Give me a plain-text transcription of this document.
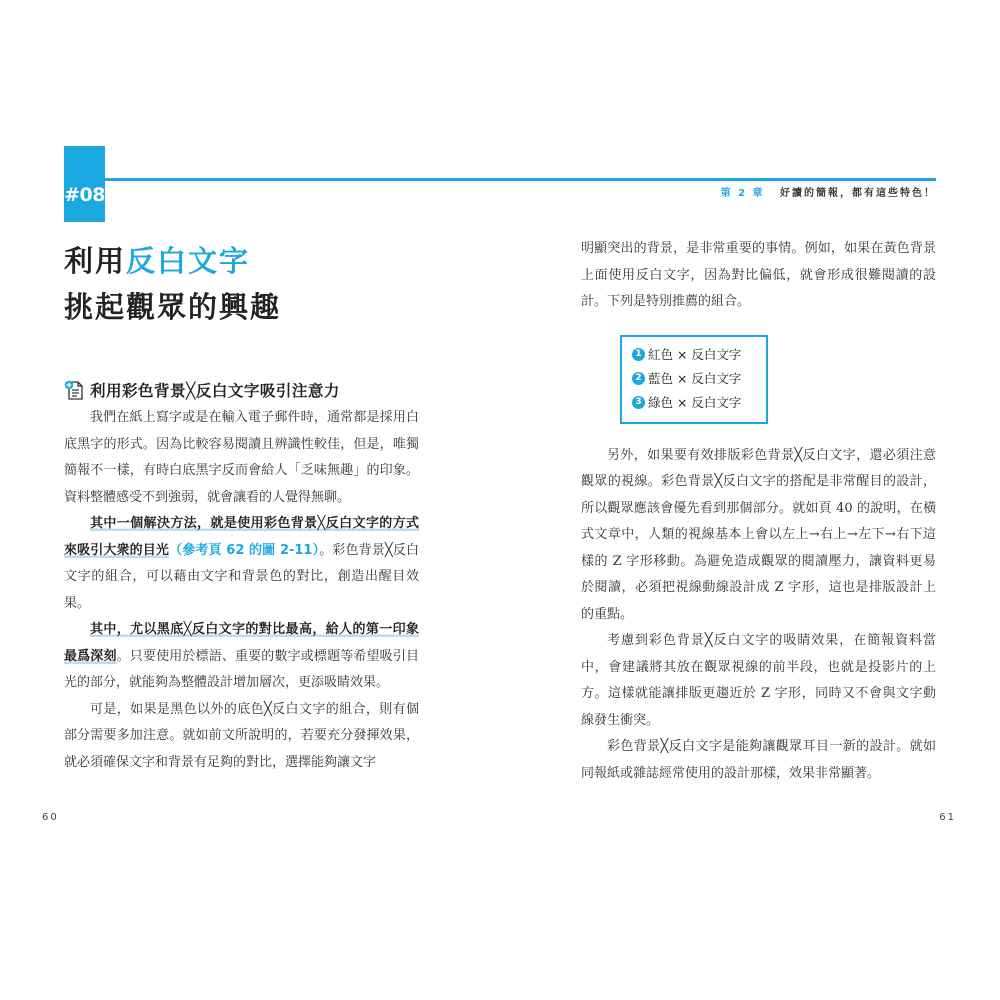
#08	第 2 章 好讀的簡報，都有這些特色！
利用反白文字
挑起觀眾的興趣
利用彩色背景╳反白文字吸引注意力

我們在紙上寫字或是在輸入電子郵件時，通常都是採用白底黑字的形式。因為比較容易閱讀且辨識性較佳，但是，唯獨簡報不一樣，有時白底黑字反而會給人「乏味無趣」的印象。資料整體感受不到強弱，就會讓看的人覺得無聊。

其中一個解決方法，就是使用彩色背景╳反白文字的方式來吸引大衆的目光（參考頁 62 的圖 2-11）。彩色背景╳反白文字的組合，可以藉由文字和背景色的對比，創造出醒目效果。

其中，尤以黑底╳反白文字的對比最高，給人的第一印象最爲深刻。只要使用於標語、重要的數字或標題等希望吸引目光的部分，就能夠為整體設計增加層次，更添吸睛效果。

可是，如果是黑色以外的底色╳反白文字的組合，則有個部分需要多加注意。就如前文所說明的，若要充分發揮效果，就必須確保文字和背景有足夠的對比，選擇能夠讓文字

明顯突出的背景，是非常重要的事情。例如，如果在黃色背景上面使用反白文字，因為對比偏低，就會形成很難閱讀的設計。下列是特別推薦的組合。

1 紅色 × 反白文字
2 藍色 × 反白文字
3 綠色 × 反白文字

另外，如果要有效排版彩色背景╳反白文字，還必須注意觀眾的視線。彩色背景╳反白文字的搭配是非常醒目的設計，所以觀眾應該會優先看到那個部分。就如頁 40 的說明，在橫式文章中，人類的視線基本上會以左上→右上→左下→右下這樣的 Z 字形移動。為避免造成觀眾的閱讀壓力，讓資料更易於閱讀，必須把視線動線設計成 Z 字形，這也是排版設計上的重點。

考慮到彩色背景╳反白文字的吸睛效果，在簡報資料當中，會建議將其放在觀眾視線的前半段，也就是投影片的上方。這樣就能讓排版更趨近於 Z 字形，同時又不會與文字動線發生衝突。

彩色背景╳反白文字是能夠讓觀眾耳目一新的設計。就如同報紙或雜誌經常使用的設計那樣，效果非常顯著。

60	61
